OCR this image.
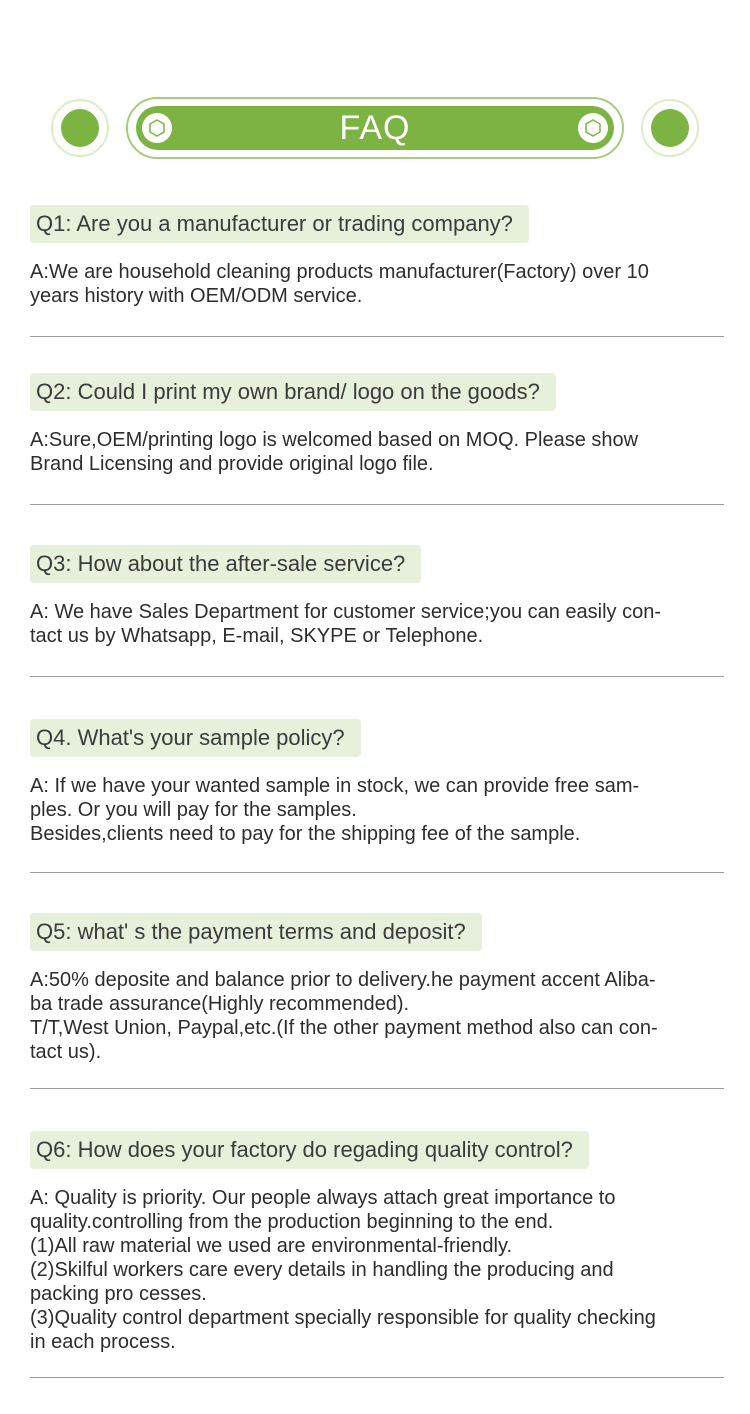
FAQ
Q1: Are you a manufacturer or trading company?
A:We are household cleaning products manufacturer(Factory) over 10
years history with OEM/ODM service.
Q2: Could I print my own brand/ logo on the goods?
A:Sure,OEM/printing logo is welcomed based on MOQ. Please show
Brand Licensing and provide original logo file.
Q3: How about the after-sale service?
A: We have Sales Department for customer service;you can easily con-
tact us by Whatsapp, E-mail, SKYPE or Telephone.
Q4. What's your sample policy?
A: If we have your wanted sample in stock, we can provide free sam-
ples. Or you will pay for the samples.
Besides,clients need to pay for the shipping fee of the sample.
Q5: what' s the payment terms and deposit?
A:50% deposite and balance prior to delivery.he payment accent Aliba-
ba trade assurance(Highly recommended).
T/T,West Union, Paypal,etc.(If the other payment method also can con-
tact us).
Q6: How does your factory do regading quality control?
A: Quality is priority. Our people always attach great importance to
quality.controlling from the production beginning to the end.
(1)All raw material we used are environmental-friendly.
(2)Skilful workers care every details in handling the producing and
packing pro cesses.
(3)Quality control department specially responsible for quality checking
in each process.
